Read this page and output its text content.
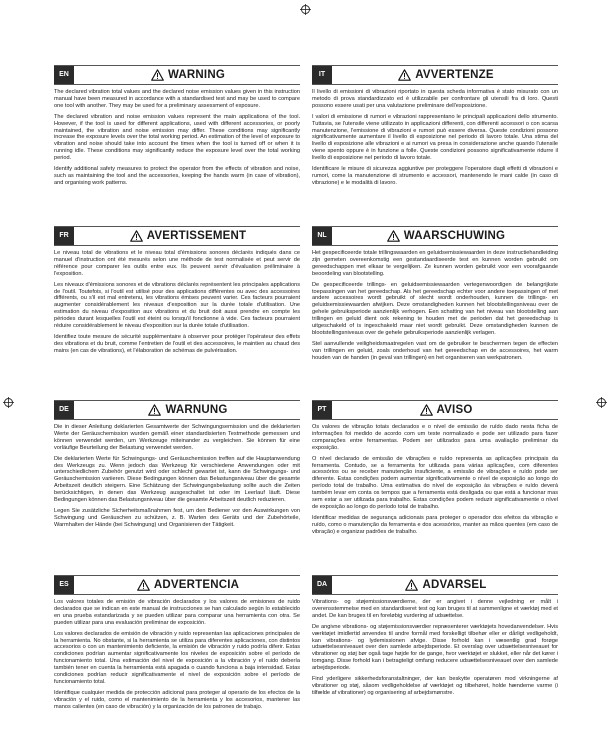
EN	WARNING

The declared vibration total values and the declared noise emission values given in this instruction manual have been measured in accordance with a standardised test and may be used to compare one tool with another. They may be used for a preliminary assessment of exposure.

The declared vibration and noise emission values represent the main applications of the tool. However, if the tool is used for different applications, used with different accessories, or poorly maintained, the vibration and noise emission may differ. These conditions may significantly increase the exposure levels over the total working period. An estimation of the level of exposure to vibration and noise should take into account the times when the tool is turned off or when it is running idle. These conditions may significantly reduce the exposure level over the total working period.

Identify additional safety measures to protect the operator from the effects of vibration and noise, such as maintaining the tool and the accessories, keeping the hands warm (in case of vibration), and organising work patterns.

IT	AVVERTENZE

Il livello di emissioni di vibrazioni riportato in questa scheda informativa è stato misurato con un metodo di prova standardizzato ed è utilizzabile per confrontare gli utensili fra di loro. Questi possono essere usati per una valutazione preliminare dell'esposizione.

I valori di emissione di rumori e vibrazioni rappresentano le principali applicazioni dello strumento. Tuttavia, se l'utensile viene utilizzato in applicazioni differenti, con differenti accessori o con scarsa manutenzione, l'emissione di vibrazioni e rumori può essere diversa. Queste condizioni possono significativamente aumentare il livello di esposizione nel periodo di lavoro totale. Una stima del livello di esposizione alle vibrazioni e ai rumori va presa in considerazione anche quando l'utensile viene spento oppure è in funzione a folle. Queste condizioni possono significativamente ridurre il livello di esposizione nel periodo di lavoro totale.

Identificare le misure di sicurezza aggiuntive per proteggere l'operatore dagli effetti di vibrazioni e rumori, come la manutenzione di strumento e accessori, mantenendo le mani calde (in caso di vibrazione) e le modalità di lavoro.

FR	AVERTISSEMENT

Le niveau total de vibrations et le niveau total d'émissions sonores déclarés indiqués dans ce manuel d'instruction ont été mesurés selon une méthode de test normalisée et peut servir de référence pour comparer les outils entre eux. Ils peuvent servir d'évaluation préliminaire à l'exposition.

Les niveaux d'émissions sonores et de vibrations déclarés représentent les principales applications de l'outil. Toutefois, si l'outil est utilisé pour des applications différentes ou avec des accessoires différents, ou s'il est mal entretenu, les vibrations émises peuvent varier. Ces facteurs pourraient augmenter considérablement les niveaux d'exposition sur la durée totale d'utilisation. Une estimation du niveau d'exposition aux vibrations et du bruit doit aussi prendre en compte les périodes durant lesquelles l'outil est éteint ou lorsqu'il fonctionne à vide. Ces facteurs pourraient réduire considérablement le niveau d'exposition sur la durée totale d'utilisation.

Identifiez toute mesure de sécurité supplémentaire à observer pour protéger l'opérateur des effets des vibrations et du bruit, comme l'entretien de l'outil et des accessoires, le maintien au chaud des mains (en cas de vibrations), et l'élaboration de schémas de pulvérisation.

NL	WAARSCHUWING

Het gespecificeerde totale trillingswaarden en geluidsemissiewaarden in deze instructiehandleiding zijn gemeten overeenkomstig een gestandaardiseerde test en kunnen worden gebruikt om gereedschappen met elkaar te vergelijken. Ze kunnen worden gebruikt voor een voorafgaande beoordeling van blootstelling.

De gespecificeerde trillings- en geluidsemissiewaarden vertegenwoordigen de belangrijkste toepassingen van het gereedschap. Als het gereedschap echter voor andere toepassingen of met andere accessoires wordt gebruikt of slecht wordt onderhouden, kunnen de trillings- en geluidsemissiewaarden afwijken. Deze omstandigheden kunnen het blootstellingsniveau over de gehele gebruiksperiode aanzienlijk verhogen. Een schatting van het niveau van blootstelling aan trillingen en geluid dient ook rekening te houden met de perioden dat het gereedschap is uitgeschakeld of is ingeschakeld maar niet wordt gebruikt. Deze omstandigheden kunnen de blootstellingsniveaus over de gehele gebruiksperiode aanzienlijk verlagen.

Stel aanvullende veiligheidsmaatregelen vast om de gebruiker te beschermen tegen de effecten van trillingen en geluid, zoals onderhoud van het gereedschap en de accessoires, het warm houden van de handen (in geval van trillingen) en het organiseren van werkpatronen.

DE	WARNUNG

Die in dieser Anleitung deklarierten Gesamtwerte der Schwingungsemission und die deklarierten Werte der Geräuschemission wurden gemäß einer standardisierten Testmethode gemessen und können verwendet werden, um Werkzeuge miteinander zu vergleichen. Sie können für eine vorläufige Beurteilung der Belastung verwendet werden.

Die deklarierten Werte für Schwingungs- und Geräuschemission treffen auf die Hauptanwendung des Werkzeugs zu. Wenn jedoch das Werkzeug für verschiedene Anwendungen oder mit unterschiedlichem Zubehör genutzt wird oder schlecht gewartet ist, kann die Schwingungs- und Geräuschemission variieren. Diese Bedingungen können das Belastungsniveau über die gesamte Arbeitszeit deutlich steigern. Eine Schätzung der Schwingungsbelastung sollte auch die Zeiten berücksichtigen, in denen das Werkzeug ausgeschaltet ist oder im Leerlauf läuft. Diese Bedingungen können das Belastungsniveau über die gesamte Arbeitszeit deutlich reduzieren.

Legen Sie zusätzliche Sicherheitsmaßnahmen fest, um den Bediener vor den Auswirkungen von Schwingung und Geräuschen zu schützen, z. B. Warten des Geräts und der Zubehörteile, Warmhalten der Hände (bei Schwingung) und Organisieren der Tätigkeit.

PT	AVISO

Os valores de vibração totais declarados e o nível de emissão de ruído dado nesta ficha de informações foi medido de acordo com um teste normalizado e pode ser utilizado para fazer comparações entre ferramentas. Podem ser utilizados para uma avaliação preliminar da exposição.

O nível declarado de emissão de vibrações e ruído representa as aplicações principais da ferramenta. Contudo, se a ferramenta for utilizada para várias aplicações, com diferentes acessórios ou se receber manutenção insuficiente, a emissão de vibrações e ruído pode ser diferente. Estas condições podem aumentar significativamente o nível de exposição ao longo do período total de trabalho. Uma estimativa do nível de exposição às vibrações e ruído deverá também levar em conta os tempos que a ferramenta está desligada ou que está a funcionar mas sem estar a ser utilizada para trabalho. Estas condições podem reduzir significativamente o nível de exposição ao longo do período total de trabalho.

Identificar medidas de segurança adicionais para proteger o operador dos efeitos da vibração e ruído, como o manutenção da ferramenta e dos acessórios, manter as mãos quentes (em caso de vibração) e organizar padrões de trabalho.

ES	ADVERTENCIA

Los valores totales de emisión de vibración declarados y los valores de emisiones de ruido declarados que se indican en este manual de instrucciones se han calculado según lo establecido en una prueba estandarizada y se pueden utilizar para comparar una herramienta con otra. Se pueden utilizar para una evaluación preliminar de exposición.

Los valores declarados de emisión de vibración y ruido representan las aplicaciones principales de la herramienta. No obstante, si la herramienta se utiliza para diferentes aplicaciones, con distintos accesorios o con un mantenimiento deficiente, la emisión de vibración y ruido podría diferir. Estas condiciones podrían aumentar significativamente los niveles de exposición sobre el período de funcionamiento total. Una estimación del nivel de exposición a la vibración y el ruido debería también tener en cuenta la herramienta está apagada o cuando funciona a baja intensidad. Estas condiciones podrían reducir significativamente el nivel de exposición sobre el período de funcionamiento total.

Identifique cualquier medida de protección adicional para proteger al operario de los efectos de la vibración y el ruido, como el mantenimiento de la herramienta y los accesorios, mantener las manos calientes (en caso de vibración) y la organización de los patrones de trabajo.

DA	ADVARSEL

Vibrations- og støjemissionsværdierne, der er angivet i denne vejledning er målt i overensstemmelse med en standardiseret test og kan bruges til at sammenligne et værktøj med et andet. De kan bruges til en foreløbig vurdering af udsættelse.

De angivne vibrations- og støjemissionsværdier repræsenterer værktøjets hovedanvendelser. Hvis værktøjet imidlertid anvendes til andre formål med forskelligt tilbehør eller er dårligt vedligeholdt, kan vibrations- og lydemissionen afvige. Disse forhold kan i væsentlig grad forøge udsættelsesniveauet over den samlede arbejdsperiode. Et overslag over udsættelsesniveauet for vibrationer og støj bør også tage højde for de gange, hvor værktøjet er slukket, eller når det kører i tomgang. Disse forhold kan i betragteligt omfang reducere udsættelsesniveauet over den samlede arbejdsperiode.

Find yderligere sikkerhedsforanstaltninger, der kan beskytte operatøren mod virkningerne af vibrationer og støj, såsom vedligeholdelse af værktøjet og tilbehøret, holde hænderne varme (i tilfælde af vibrationer) og organisering af arbejdsmønstre.
